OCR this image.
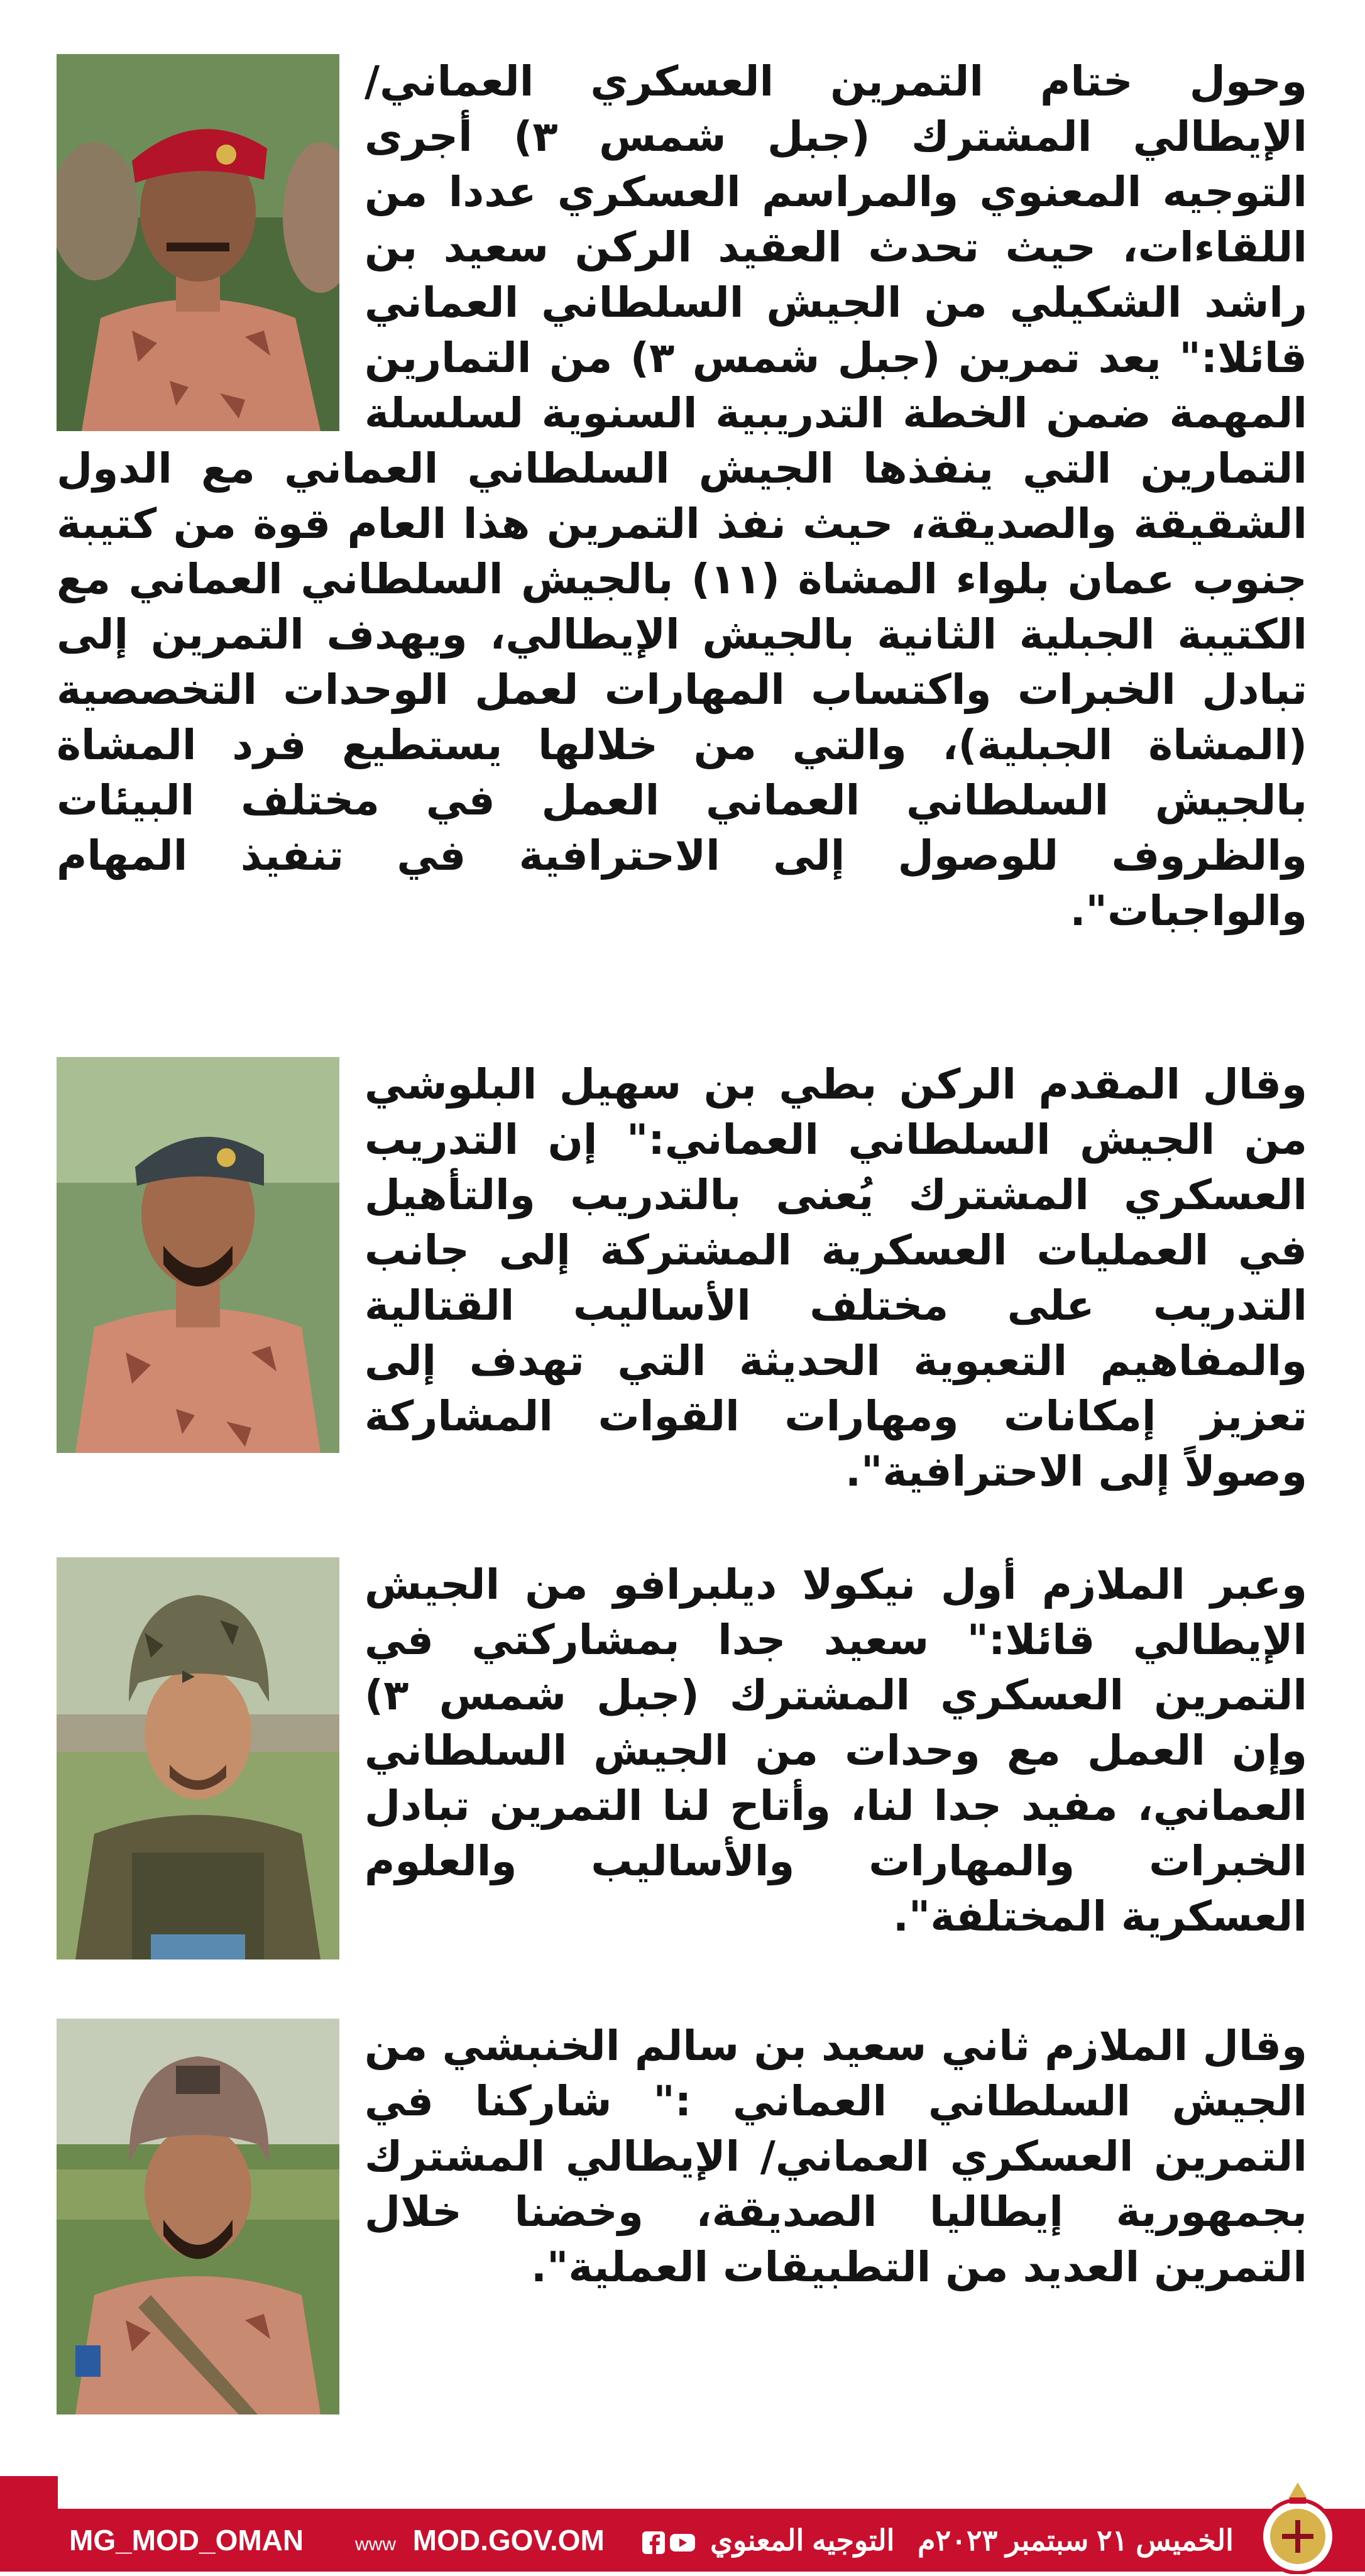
وحول ختام التمرين العسكري العماني/ الإيطالي المشترك (جبل شمس ٣) أجرى التوجيه المعنوي والمراسم العسكري عددا من اللقاءات، حيث تحدث العقيد الركن سعيد بن راشد الشكيلي من الجيش السلطاني العماني قائلا:" يعد تمرين (جبل شمس ٣) من التمارين المهمة ضمن الخطة التدريبية السنوية لسلسلة التمارين التي ينفذها الجيش السلطاني العماني مع الدول الشقيقة والصديقة، حيث نفذ التمرين هذا العام قوة من كتيبة جنوب عمان بلواء المشاة (١١) بالجيش السلطاني العماني مع الكتيبة الجبلية الثانية بالجيش الإيطالي، ويهدف التمرين إلى تبادل الخبرات واكتساب المهارات لعمل الوحدات التخصصية (المشاة الجبلية)، والتي من خلالها يستطيع فرد المشاة بالجيش السلطاني العماني العمل في مختلف البيئات والظروف للوصول إلى الاحترافية في تنفيذ المهام والواجبات".

وقال المقدم الركن بطي بن سهيل البلوشي من الجيش السلطاني العماني:" إن التدريب العسكري المشترك يُعنى بالتدريب والتأهيل في العمليات العسكرية المشتركة إلى جانب التدريب على مختلف الأساليب القتالية والمفاهيم التعبوية الحديثة التي تهدف إلى تعزيز إمكانات ومهارات القوات المشاركة وصولاً إلى الاحترافية".

وعبر الملازم أول نيكولا ديلبرافو من الجيش الإيطالي قائلا:" سعيد جدا بمشاركتي في التمرين العسكري المشترك (جبل شمس ٣) وإن العمل مع وحدات من الجيش السلطاني العماني، مفيد جدا لنا، وأتاح لنا التمرين تبادل الخبرات والمهارات والأساليب والعلوم العسكرية المختلفة".

وقال الملازم ثاني سعيد بن سالم الخنبشي من الجيش السلطاني العماني :" شاركنا في التمرين العسكري العماني/ الإيطالي المشترك بجمهورية إيطاليا الصديقة، وخضنا خلال التمرين العديد من التطبيقات العملية".

MG_MOD_OMAN	www MOD.GOV.OM	التوجيه المعنوي الخميس ٢١ سبتمبر ٢٠٢٣م
